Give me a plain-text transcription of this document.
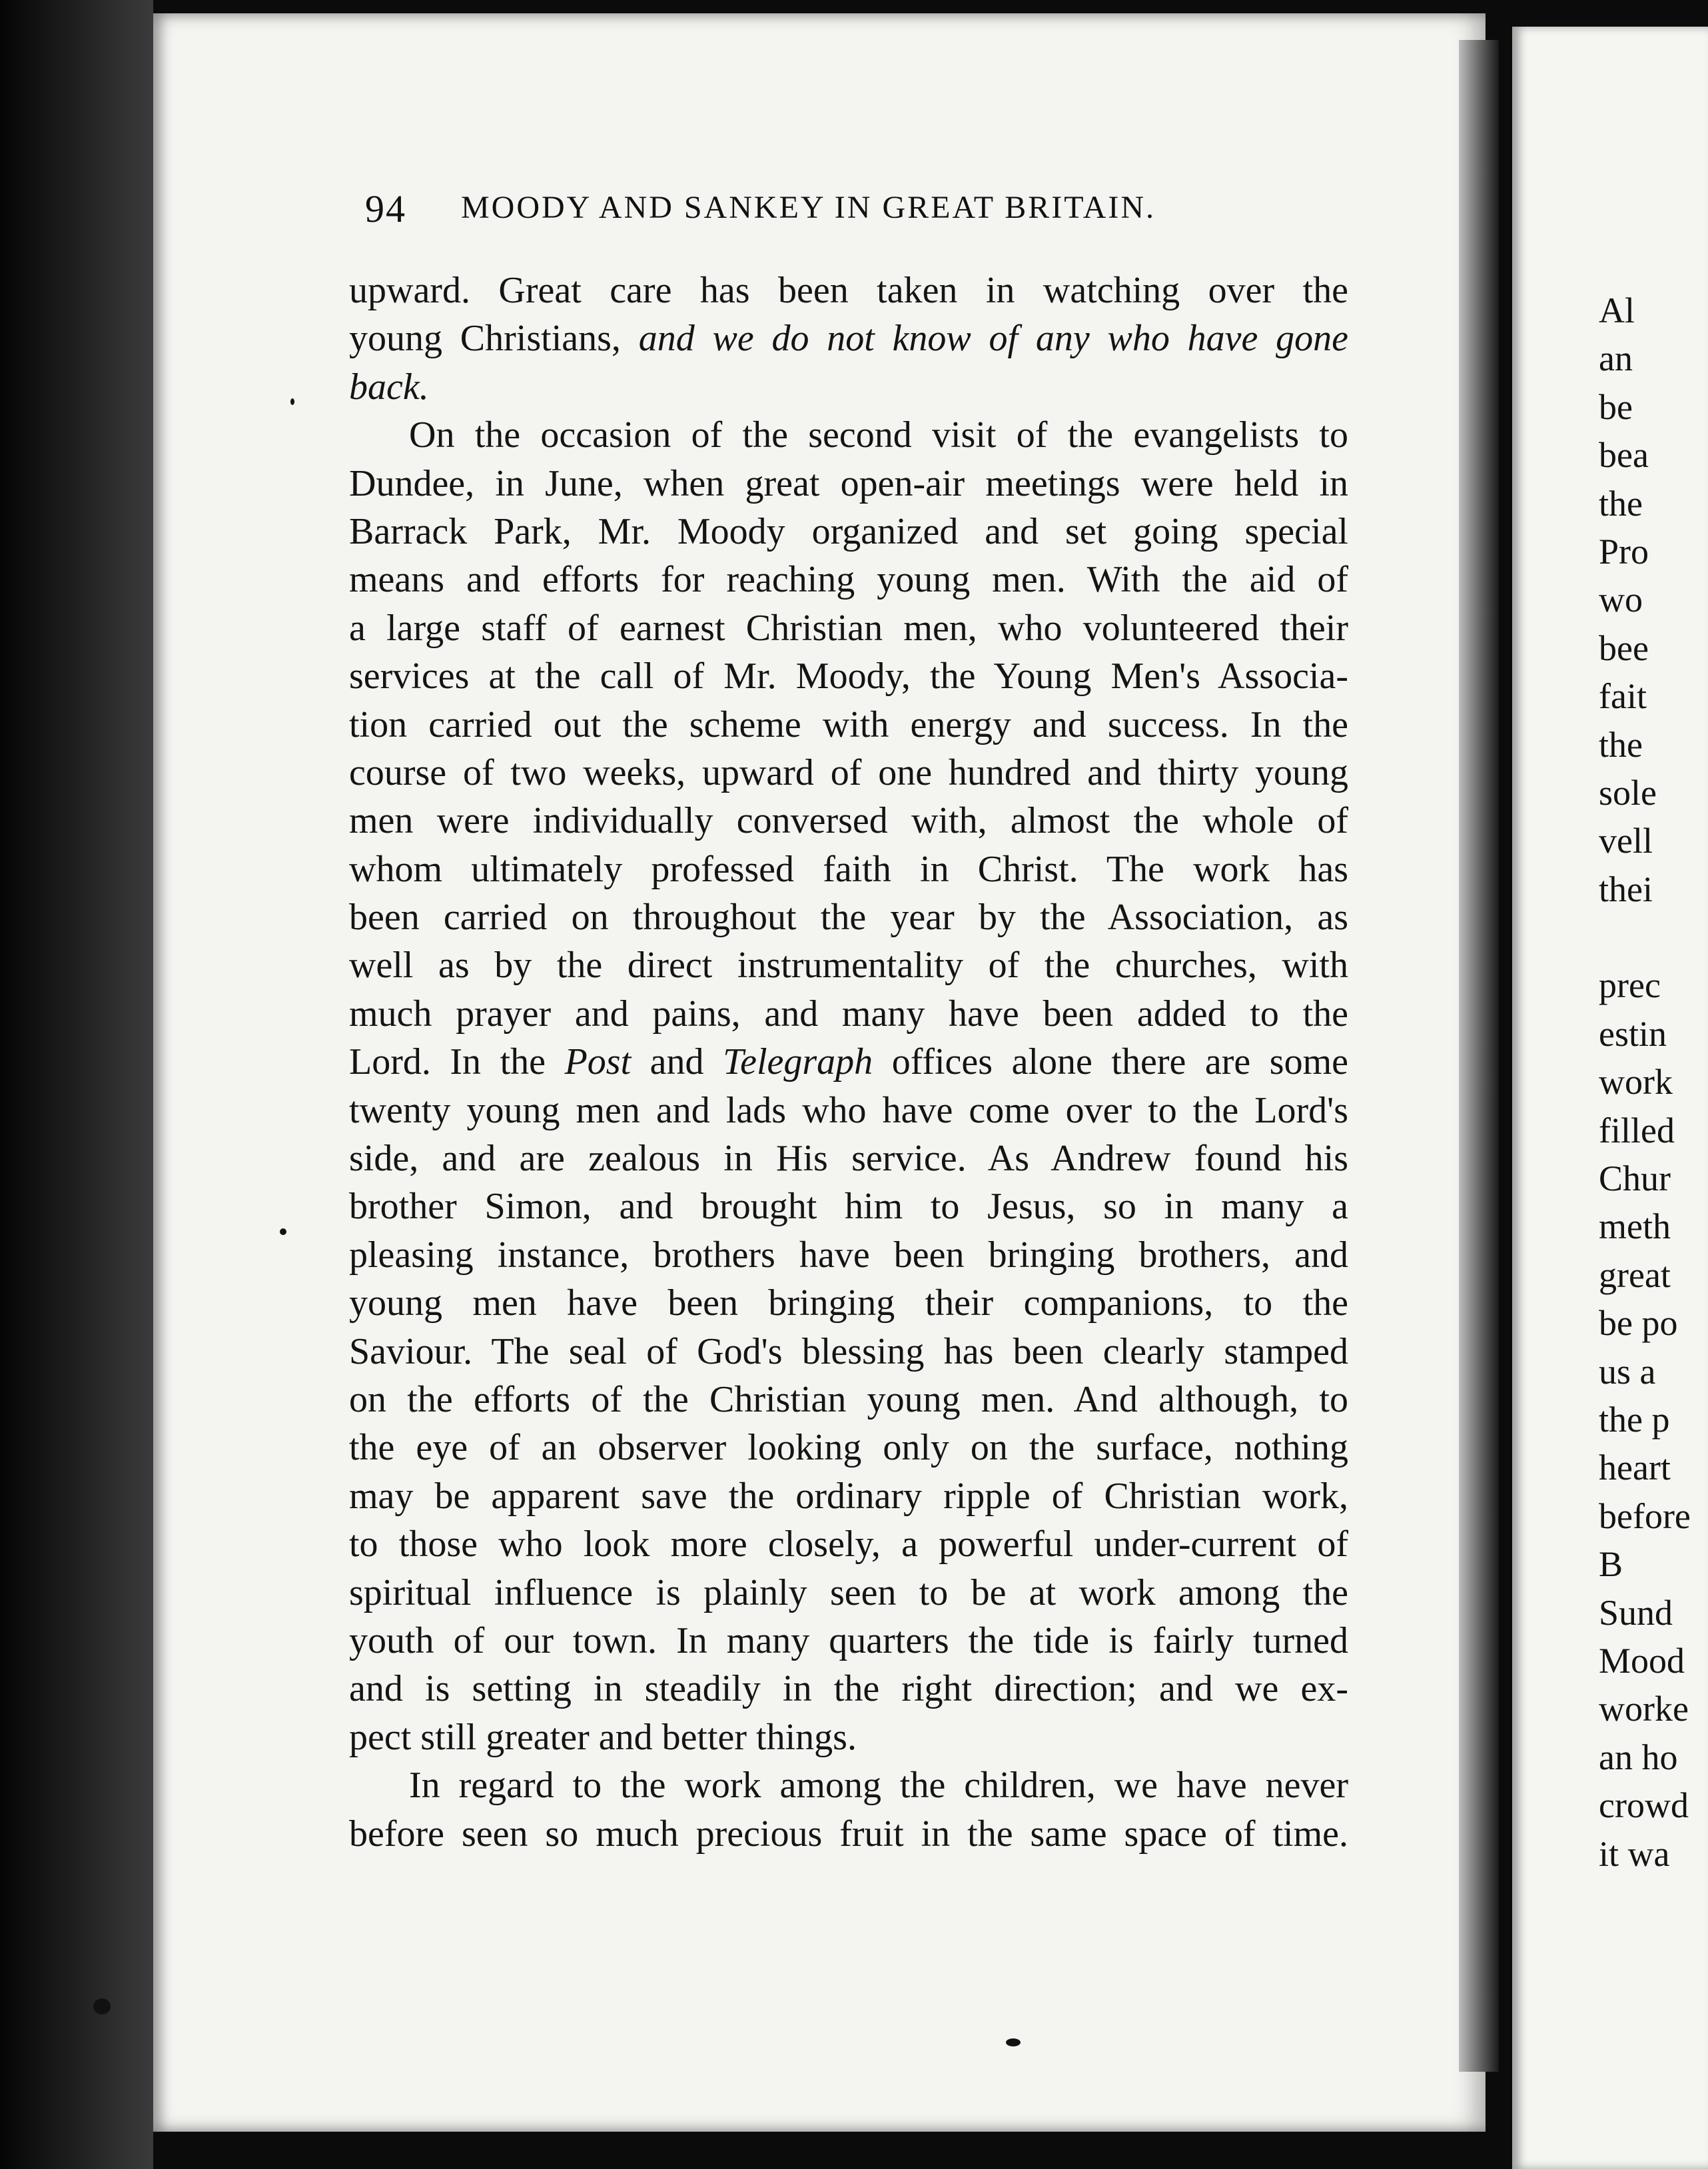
94 MOODY AND SANKEY IN GREAT BRITAIN.
upward. Great care has been taken in watching over the
young Christians, and we do not know of any who have gone
back.
On the occasion of the second visit of the evangelists to
Dundee, in June, when great open-air meetings were held in
Barrack Park, Mr. Moody organized and set going special
means and efforts for reaching young men. With the aid of
a large staff of earnest Christian men, who volunteered their
services at the call of Mr. Moody, the Young Men's Associa-
tion carried out the scheme with energy and success. In the
course of two weeks, upward of one hundred and thirty young
men were individually conversed with, almost the whole of
whom ultimately professed faith in Christ. The work has
been carried on throughout the year by the Association, as
well as by the direct instrumentality of the churches, with
much prayer and pains, and many have been added to the
Lord. In the Post and Telegraph offices alone there are some
twenty young men and lads who have come over to the Lord's
side, and are zealous in His service. As Andrew found his
brother Simon, and brought him to Jesus, so in many a
pleasing instance, brothers have been bringing brothers, and
young men have been bringing their companions, to the
Saviour. The seal of God's blessing has been clearly stamped
on the efforts of the Christian young men. And although, to
the eye of an observer looking only on the surface, nothing
may be apparent save the ordinary ripple of Christian work,
to those who look more closely, a powerful under-current of
spiritual influence is plainly seen to be at work among the
youth of our town. In many quarters the tide is fairly turned
and is setting in steadily in the right direction; and we ex-
pect still greater and better things.
In regard to the work among the children, we have never
before seen so much precious fruit in the same space of time.
Al
an
be
bea
the
Pro
wo
bee
fait
the
sole
vell
thei
prec
estin
work
filled
Chur
meth
great
be po
us a
the p
heart
before
B
Sund
Mood
worke
an ho
crowd
it wa
